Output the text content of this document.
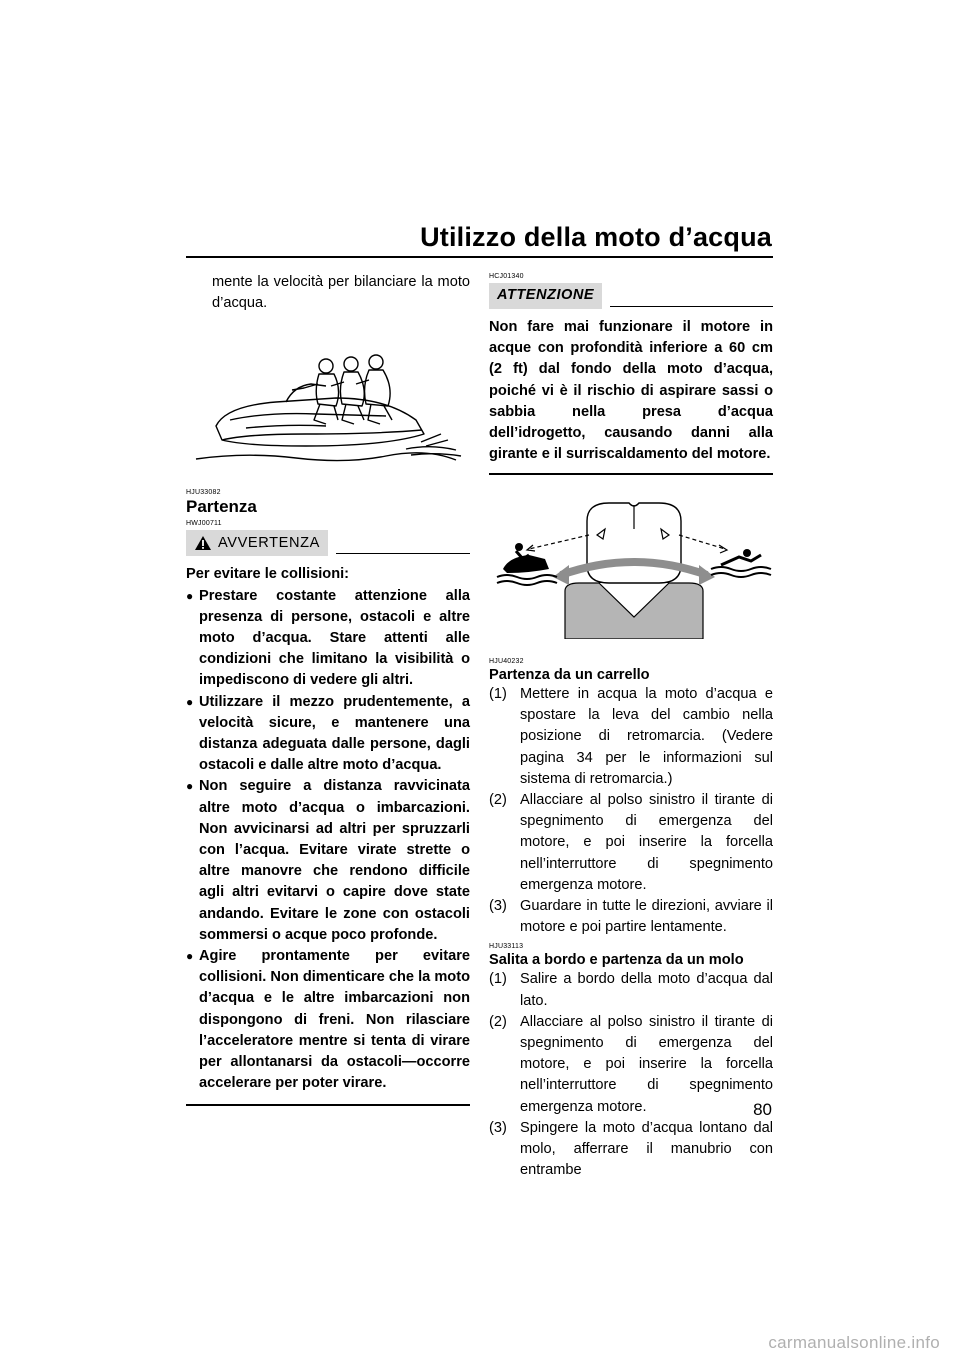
Utilizzo della moto d’acqua
mente la velocità per bilanciare la moto d’acqua.
HJU33082
Partenza
HWJ00711
AVVERTENZA
Per evitare le collisioni:
● Prestare costante attenzione alla presenza di persone, ostacoli e altre moto d’acqua. Stare attenti alle condizioni che limitano la visibilità o impediscono di vedere gli altri.
● Utilizzare il mezzo prudentemente, a velocità sicure, e mantenere una distanza adeguata dalle persone, dagli ostacoli e dalle altre moto d’acqua.
● Non seguire a distanza ravvicinata altre moto d’acqua o imbarcazioni. Non avvicinarsi ad altri per spruzzarli con l’acqua. Evitare virate strette o altre manovre che rendono difficile agli altri evitarvi o capire dove state andando. Evitare le zone con ostacoli sommersi o acque poco profonde.
● Agire prontamente per evitare collisioni. Non dimenticare che la moto d’acqua e le altre imbarcazioni non dispongono di freni. Non rilasciare l’acceleratore mentre si tenta di virare per allontanarsi da ostacoli—occorre accelerare per poter virare.
HCJ01340
ATTENZIONE
Non fare mai funzionare il motore in acque con profondità inferiore a 60 cm (2 ft) dal fondo della moto d’acqua, poiché vi è il rischio di aspirare sassi o sabbia nella presa d’acqua dell’idrogetto, causando danni alla girante e il surriscaldamento del motore.
HJU40232
Partenza da un carrello
(1) Mettere in acqua la moto d’acqua e spostare la leva del cambio nella posizione di retromarcia. (Vedere pagina 34 per le informazioni sul sistema di retromarcia.)
(2) Allacciare al polso sinistro il tirante di spegnimento di emergenza del motore, e poi inserire la forcella nell’interruttore di spegnimento emergenza motore.
(3) Guardare in tutte le direzioni, avviare il motore e poi partire lentamente.
HJU33113
Salita a bordo e partenza da un molo
(1) Salire a bordo della moto d’acqua dal lato.
(2) Allacciare al polso sinistro il tirante di spegnimento di emergenza del motore, e poi inserire la forcella nell’interruttore di spegnimento emergenza motore.
(3) Spingere la moto d’acqua lontano dal molo, afferrare il manubrio con entrambe
80
carmanualsonline.info
